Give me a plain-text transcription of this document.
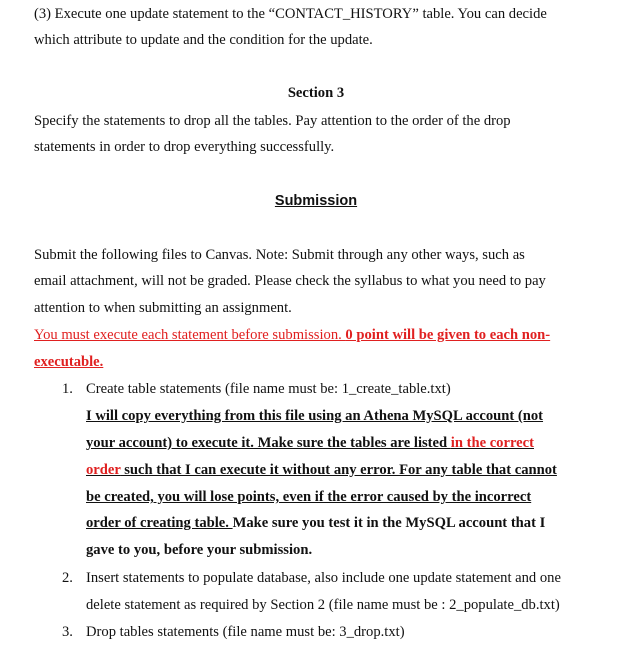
(3) Execute one update statement to the “CONTACT_HISTORY” table. You can decide
which attribute to update and the condition for the update.
Section 3
Specify the statements to drop all the tables. Pay attention to the order of the drop
statements in order to drop everything successfully.
Submission
Submit the following files to Canvas. Note: Submit through any other ways, such as
email attachment, will not be graded. Please check the syllabus to what you need to pay
attention to when submitting an assignment.
You must execute each statement before submission. 0 point will be given to each non-
executable.
1. Create table statements (file name must be: 1_create_table.txt)
I will copy everything from this file using an Athena MySQL account (not
your account) to execute it. Make sure the tables are listed in the correct
order such that I can execute it without any error. For any table that cannot
be created, you will lose points, even if the error caused by the incorrect
order of creating table. Make sure you test it in the MySQL account that I
gave to you, before your submission.
2. Insert statements to populate database, also include one update statement and one
delete statement as required by Section 2 (file name must be : 2_populate_db.txt)
3. Drop tables statements (file name must be: 3_drop.txt)
